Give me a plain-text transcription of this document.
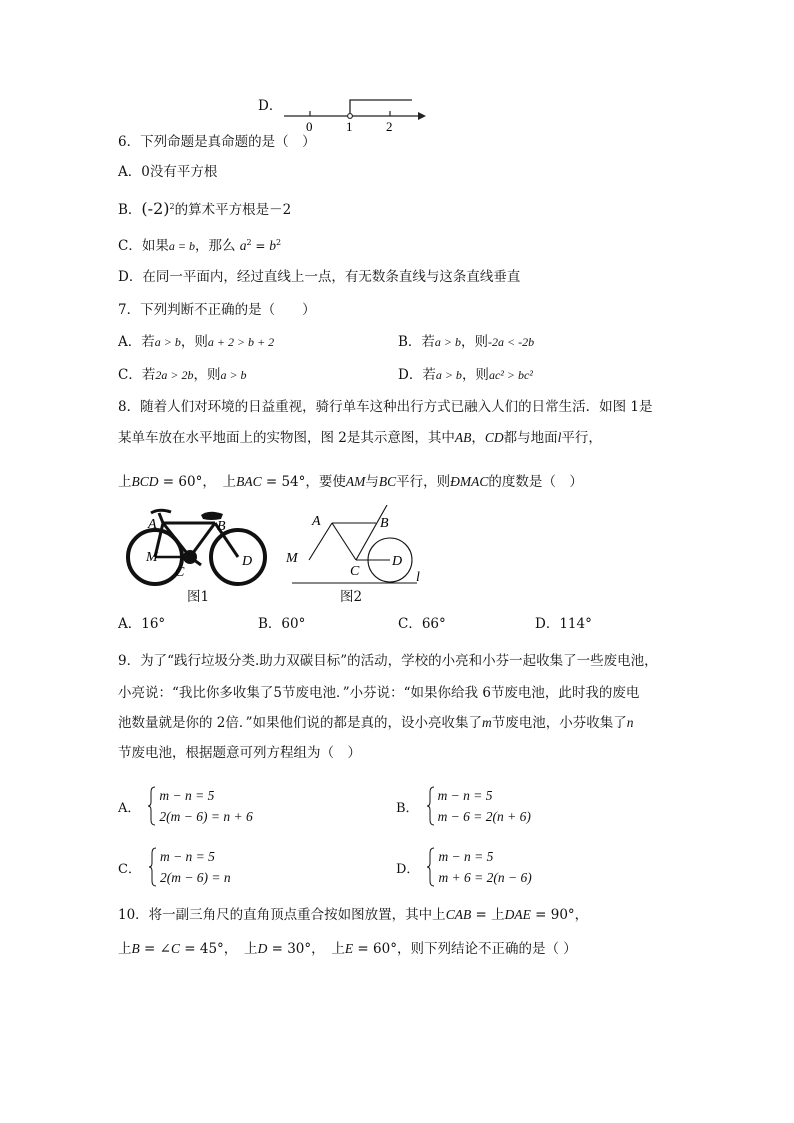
D．
0	1	2
6．下列命题是真命题的是（　）
A．0没有平方根
B．$(-2)^2$的算术平方根是－2
C．如果a = b，那么 $a^2 = b^2$
D．在同一平面内，经过直线上一点，有无数条直线与这条直线垂直
7．下列判断不正确的是（　　）
A．若a > b，则a + 2 > b + 2	B．若a > b，则-2a < -2b
C．若2a > 2b，则a > b	D．若a > b，则ac² > bc²
8．随着人们对环境的日益重视，骑行单车这种出行方式已融入人们的日常生活．如图 1是
某单车放在水平地面上的实物图，图 2是其示意图，其中AB，CD都与地面l平行，
上BCD = 60°，　上BAC = 54°，要使AM与BC平行，则ÐMAC的度数是（　）
M
A	B
C
D
图1
M
A	B
C
D
l
图2
A．16°	B．60°	C．66°	D．114°
9．为了“践行垃圾分类.助力双碳目标”的活动，学校的小亮和小芬一起收集了一些废电池，
小亮说：“我比你多收集了5节废电池．”小芬说：“如果你给我 6节废电池，此时我的废电
池数量就是你的 2倍．”如果他们说的都是真的，设小亮收集了m节废电池，小芬收集了n
节废电池，根据题意可列方程组为（　）
A．
m − n = 5
2(m − 6) = n + 6
B．
m − n = 5
m − 6 = 2(n + 6)
C．
m − n = 5
2(m − 6) = n
D．
m − n = 5
m + 6 = 2(n − 6)
10．将一副三角尺的直角顶点重合按如图放置，其中上CAB = 上DAE = 90°，
上B = ∠C = 45°，　上D = 30°，　上E = 60°，则下列结论不正确的是（ ）
